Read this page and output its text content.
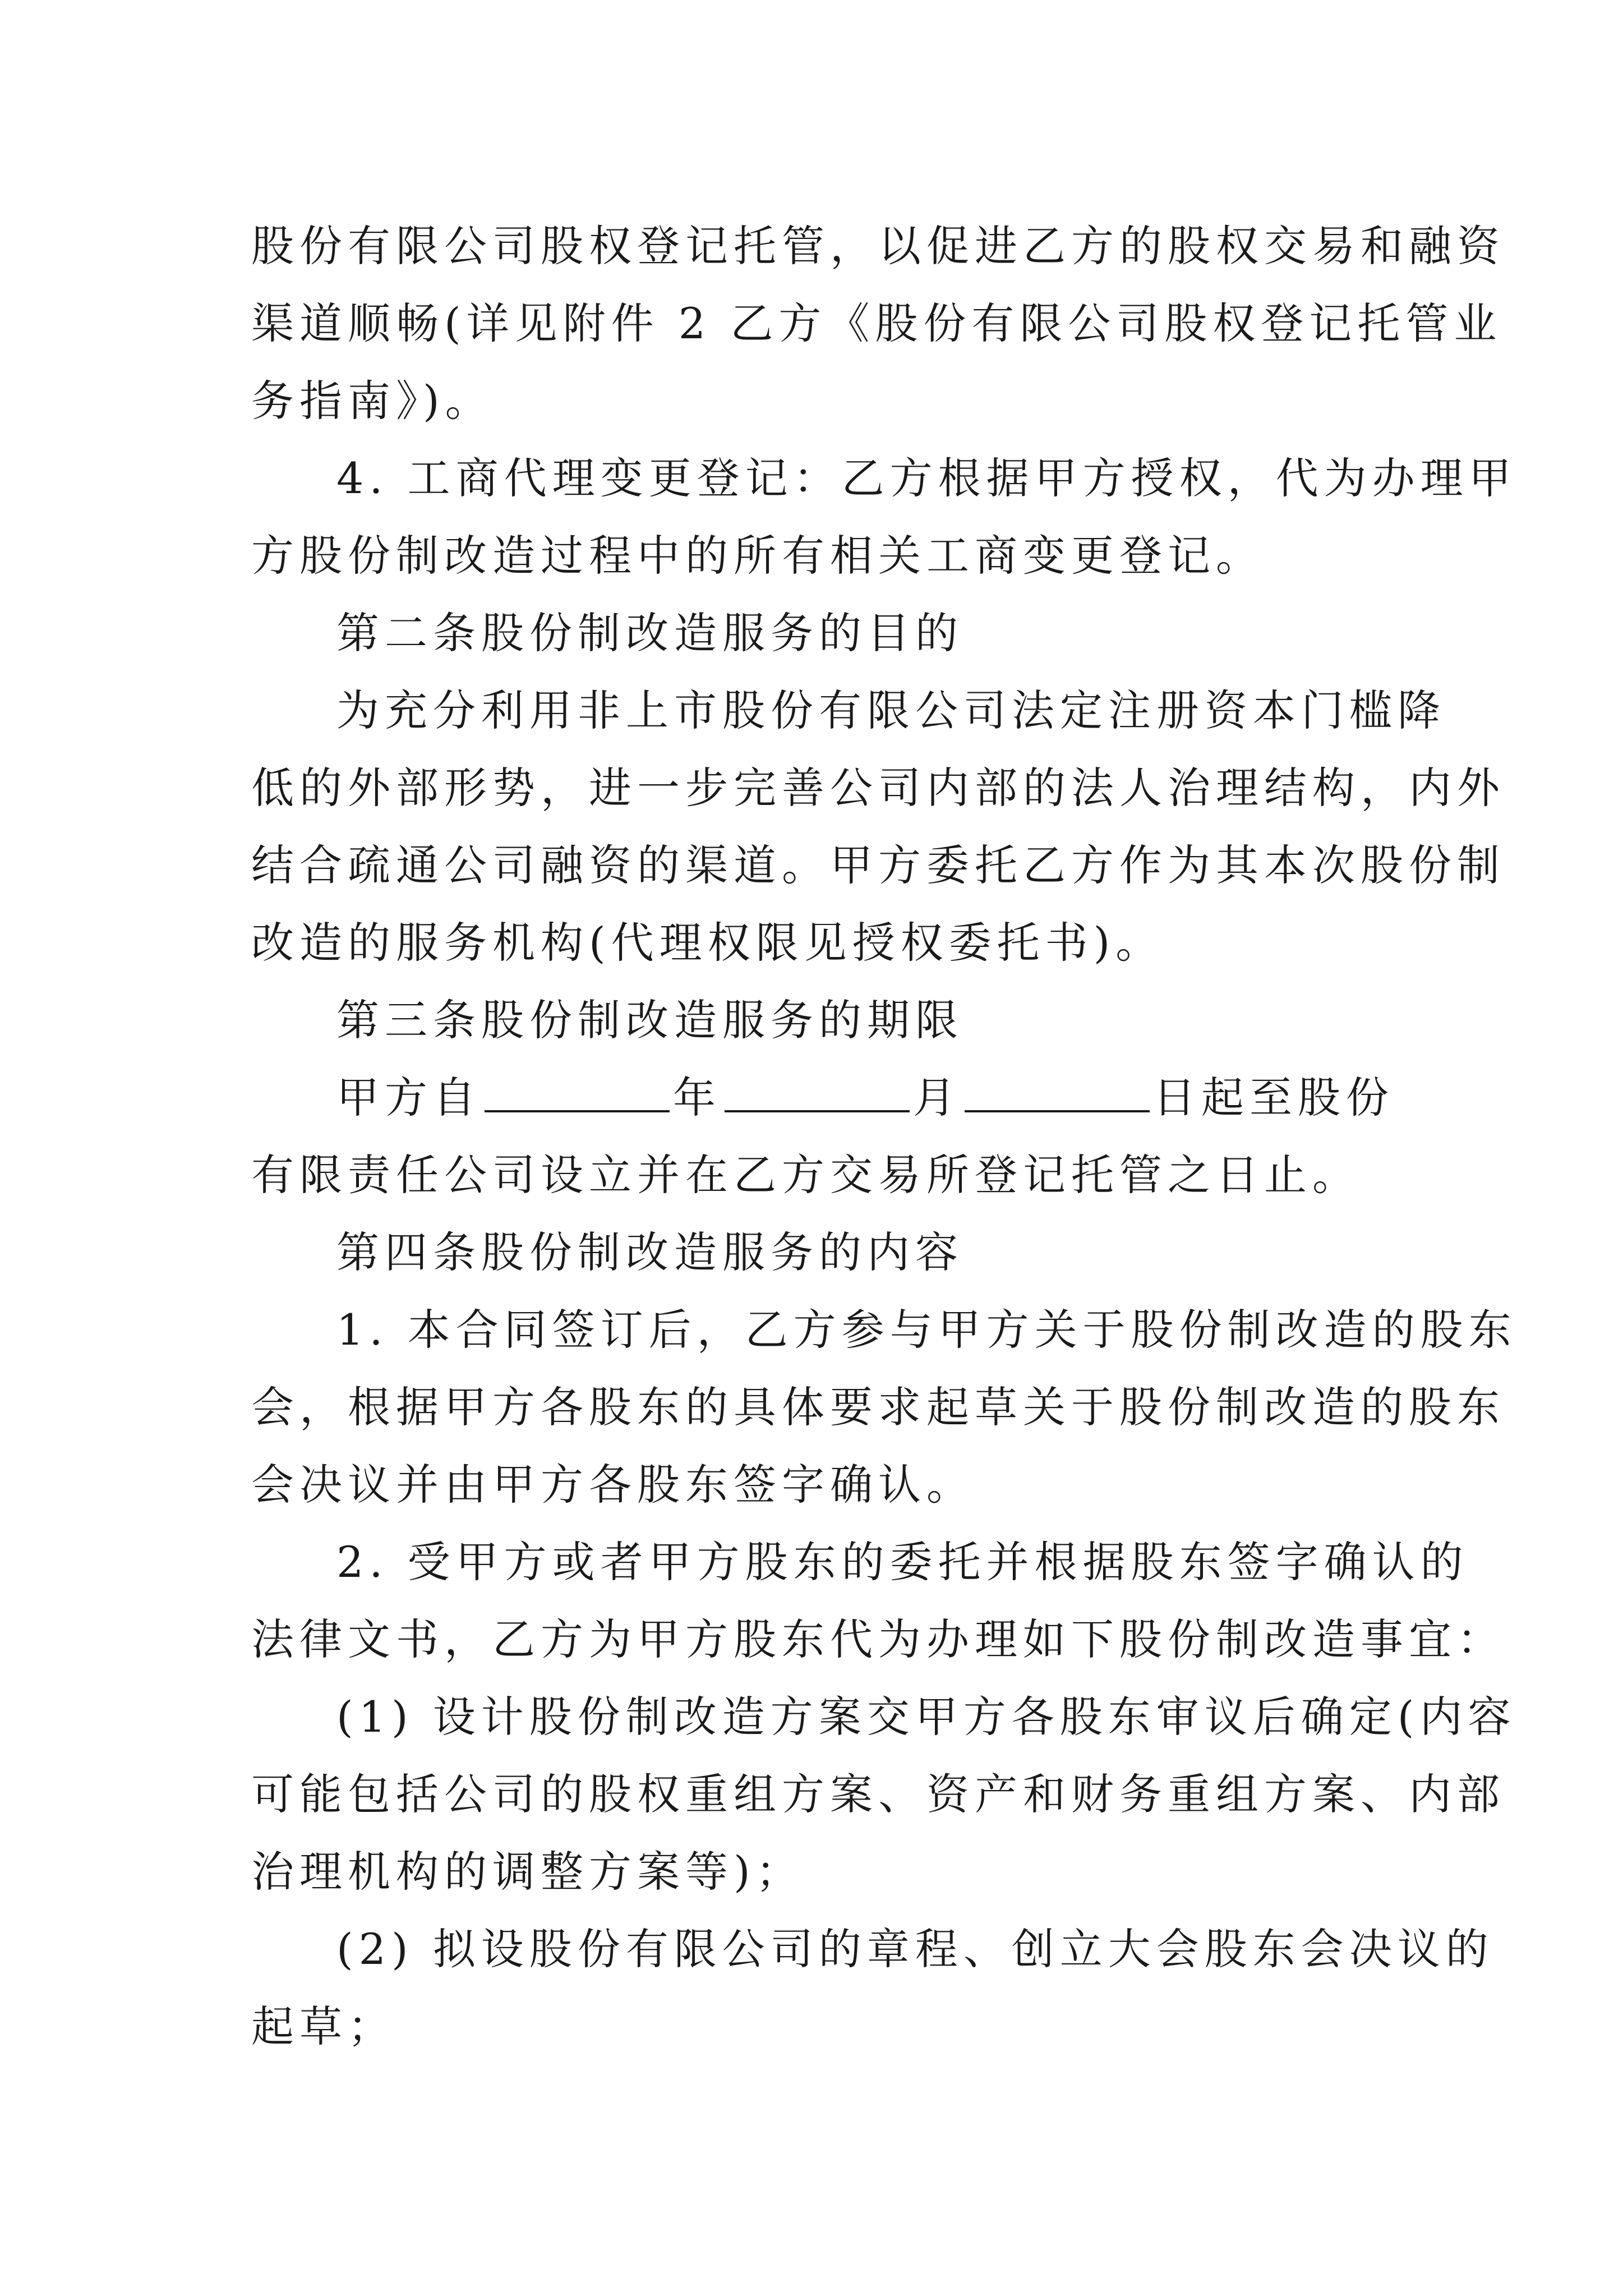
股份有限公司股权登记托管，以促进乙方的股权交易和融资
渠道顺畅(详见附件 2 乙方《股份有限公司股权登记托管业
务指南》)。
4. 工商代理变更登记：乙方根据甲方授权，代为办理甲
方股份制改造过程中的所有相关工商变更登记。
第二条股份制改造服务的目的
为充分利用非上市股份有限公司法定注册资本门槛降
低的外部形势，进一步完善公司内部的法人治理结构，内外
结合疏通公司融资的渠道。甲方委托乙方作为其本次股份制
改造的服务机构(代理权限见授权委托书)。
第三条股份制改造服务的期限
甲方自	年	月	日起至股份
有限责任公司设立并在乙方交易所登记托管之日止。
第四条股份制改造服务的内容
1. 本合同签订后，乙方参与甲方关于股份制改造的股东
会，根据甲方各股东的具体要求起草关于股份制改造的股东
会决议并由甲方各股东签字确认。
2. 受甲方或者甲方股东的委托并根据股东签字确认的
法律文书，乙方为甲方股东代为办理如下股份制改造事宜：
(1) 设计股份制改造方案交甲方各股东审议后确定(内容
可能包括公司的股权重组方案、资产和财务重组方案、内部
治理机构的调整方案等)；
(2) 拟设股份有限公司的章程、创立大会股东会决议的
起草；
